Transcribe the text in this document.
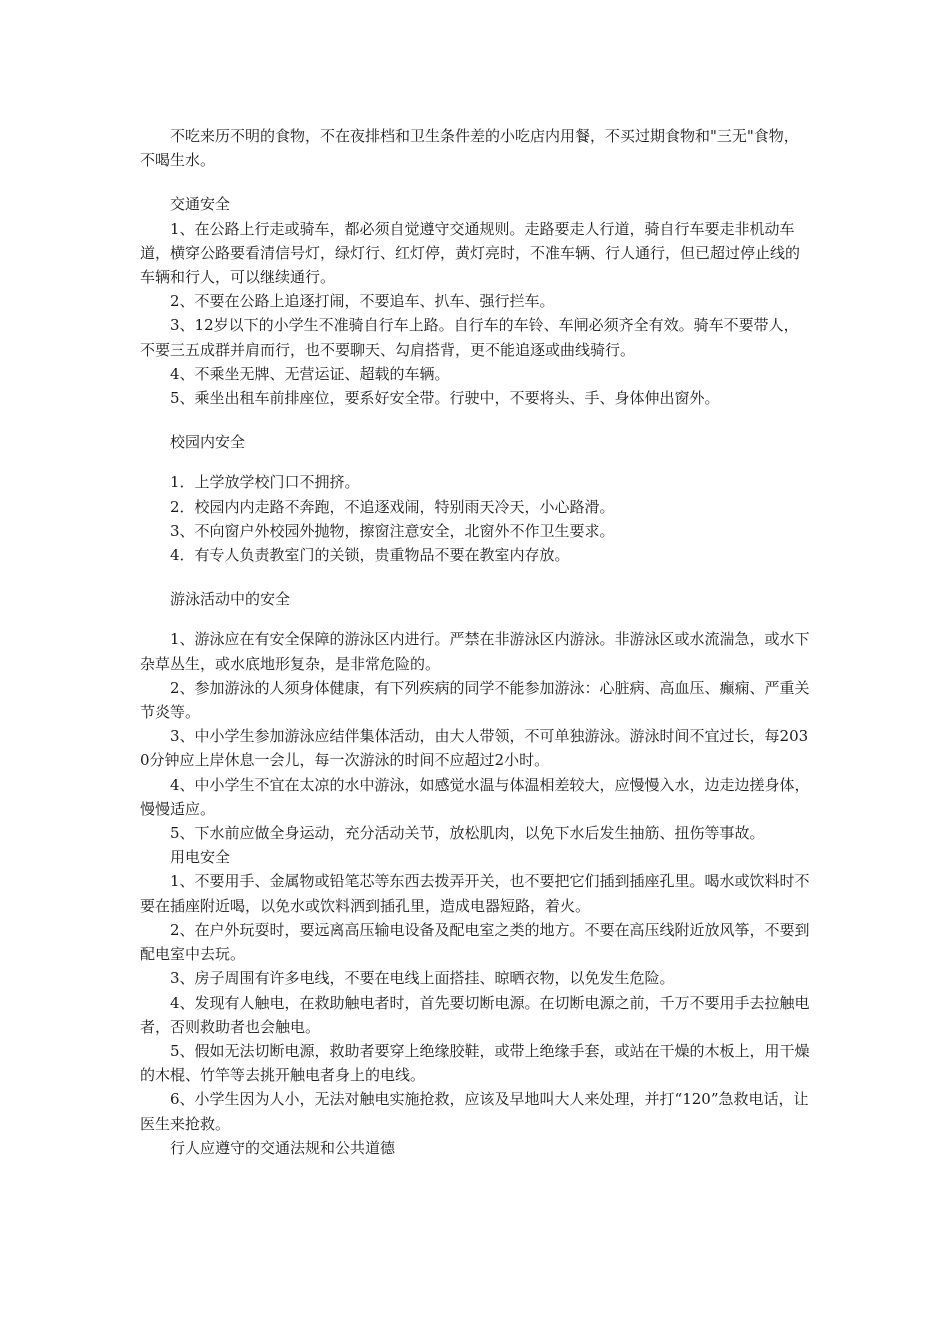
不吃来历不明的食物，不在夜排档和卫生条件差的小吃店内用餐，不买过期食物和"三无"食物，不喝生水。

交通安全

1、在公路上行走或骑车，都必须自觉遵守交通规则。走路要走人行道，骑自行车要走非机动车道，横穿公路要看清信号灯，绿灯行、红灯停，黄灯亮时，不准车辆、行人通行，但已超过停止线的车辆和行人，可以继续通行。

2、不要在公路上追逐打闹，不要追车、扒车、强行拦车。

3、12岁以下的小学生不准骑自行车上路。自行车的车铃、车闸必须齐全有效。骑车不要带人，不要三五成群并肩而行，也不要聊天、勾肩搭背，更不能追逐或曲线骑行。

4、不乘坐无牌、无营运证、超载的车辆。

5、乘坐出租车前排座位，要系好安全带。行驶中，不要将头、手、身体伸出窗外。

校园内安全

1．上学放学校门口不拥挤。

2．校园内内走路不奔跑，不追逐戏闹，特别雨天冷天，小心路滑。

3、不向窗户外校园外抛物，擦窗注意安全，北窗外不作卫生要求。

4．有专人负责教室门的关锁，贵重物品不要在教室内存放。

游泳活动中的安全

1、游泳应在有安全保障的游泳区内进行。严禁在非游泳区内游泳。非游泳区或水流湍急，或水下杂草丛生，或水底地形复杂，是非常危险的。

2、参加游泳的人须身体健康，有下列疾病的同学不能参加游泳：心脏病、高血压、癫痫、严重关节炎等。

3、中小学生参加游泳应结伴集体活动，由大人带领，不可单独游泳。游泳时间不宜过长，每2030分钟应上岸休息一会儿，每一次游泳的时间不应超过2小时。

4、中小学生不宜在太凉的水中游泳，如感觉水温与体温相差较大，应慢慢入水，边走边搓身体，慢慢适应。

5、下水前应做全身运动，充分活动关节，放松肌肉，以免下水后发生抽筋、扭伤等事故。

用电安全

1、不要用手、金属物或铅笔芯等东西去拨弄开关，也不要把它们插到插座孔里。喝水或饮料时不要在插座附近喝，以免水或饮料洒到插孔里，造成电器短路，着火。

2、在户外玩耍时，要远离高压输电设备及配电室之类的地方。不要在高压线附近放风筝，不要到配电室中去玩。

3、房子周围有许多电线，不要在电线上面搭挂、晾晒衣物，以免发生危险。

4、发现有人触电，在救助触电者时，首先要切断电源。在切断电源之前，千万不要用手去拉触电者，否则救助者也会触电。

5、假如无法切断电源，救助者要穿上绝缘胶鞋，或带上绝缘手套，或站在干燥的木板上，用干燥的木棍、竹竿等去挑开触电者身上的电线。

6、小学生因为人小，无法对触电实施抢救，应该及早地叫大人来处理，并打“120”急救电话，让医生来抢救。

行人应遵守的交通法规和公共道德
